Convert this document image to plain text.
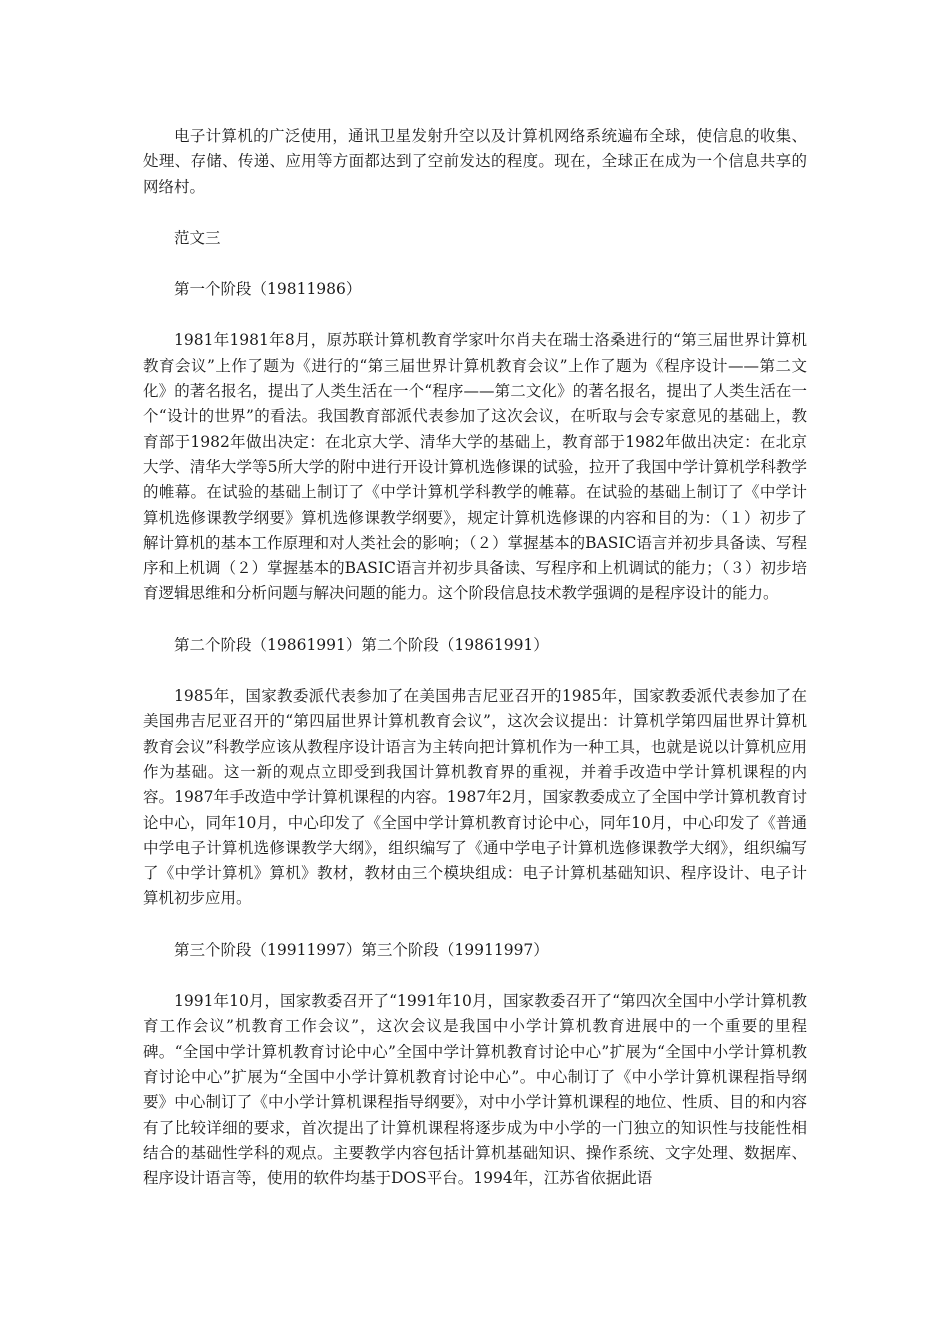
电子计算机的广泛使用，通讯卫星发射升空以及计算机网络系统遍布全球，使信息的收集、处理、存储、传递、应用等方面都达到了空前发达的程度。现在，全球正在成为一个信息共享的网络村。

范文三

第一个阶段（19811986）

1981年1981年8月，原苏联计算机教育学家叶尔肖夫在瑞士洛桑进行的“第三届世界计算机教育会议”上作了题为《进行的“第三届世界计算机教育会议”上作了题为《程序设计——第二文化》的著名报名，提出了人类生活在一个“程序——第二文化》的著名报名，提出了人类生活在一个“设计的世界”的看法。我国教育部派代表参加了这次会议，在听取与会专家意见的基础上，教育部于1982年做出决定：在北京大学、清华大学的基础上，教育部于1982年做出决定：在北京大学、清华大学等5所大学的附中进行开设计算机选修课的试验，拉开了我国中学计算机学科教学的帷幕。在试验的基础上制订了《中学计算机学科教学的帷幕。在试验的基础上制订了《中学计算机选修课教学纲要》算机选修课教学纲要》，规定计算机选修课的内容和目的为：（１）初步了解计算机的基本工作原理和对人类社会的影响；（２）掌握基本的BASIC语言并初步具备读、写程序和上机调（２）掌握基本的BASIC语言并初步具备读、写程序和上机调试的能力；（３）初步培育逻辑思维和分析问题与解决问题的能力。这个阶段信息技术教学强调的是程序设计的能力。

第二个阶段（19861991）第二个阶段（19861991）

1985年，国家教委派代表参加了在美国弗吉尼亚召开的1985年，国家教委派代表参加了在美国弗吉尼亚召开的“第四届世界计算机教育会议”，这次会议提出：计算机学第四届世界计算机教育会议”科教学应该从教程序设计语言为主转向把计算机作为一种工具，也就是说以计算机应用作为基础。这一新的观点立即受到我国计算机教育界的重视，并着手改造中学计算机课程的内容。1987年手改造中学计算机课程的内容。1987年2月，国家教委成立了全国中学计算机教育讨论中心，同年10月，中心印发了《全国中学计算机教育讨论中心，同年10月，中心印发了《普通中学电子计算机选修课教学大纲》，组织编写了《通中学电子计算机选修课教学大纲》，组织编写了《中学计算机》算机》教材，教材由三个模块组成：电子计算机基础知识、程序设计、电子计算机初步应用。

第三个阶段（19911997）第三个阶段（19911997）

1991年10月，国家教委召开了“1991年10月，国家教委召开了“第四次全国中小学计算机教育工作会议”机教育工作会议”，这次会议是我国中小学计算机教育进展中的一个重要的里程碑。“全国中学计算机教育讨论中心”全国中学计算机教育讨论中心”扩展为“全国中小学计算机教育讨论中心”扩展为“全国中小学计算机教育讨论中心”。中心制订了《中小学计算机课程指导纲要》中心制订了《中小学计算机课程指导纲要》，对中小学计算机课程的地位、性质、目的和内容有了比较详细的要求，首次提出了计算机课程将逐步成为中小学的一门独立的知识性与技能性相结合的基础性学科的观点。主要教学内容包括计算机基础知识、操作系统、文字处理、数据库、程序设计语言等，使用的软件均基于DOS平台。1994年，江苏省依据此语
